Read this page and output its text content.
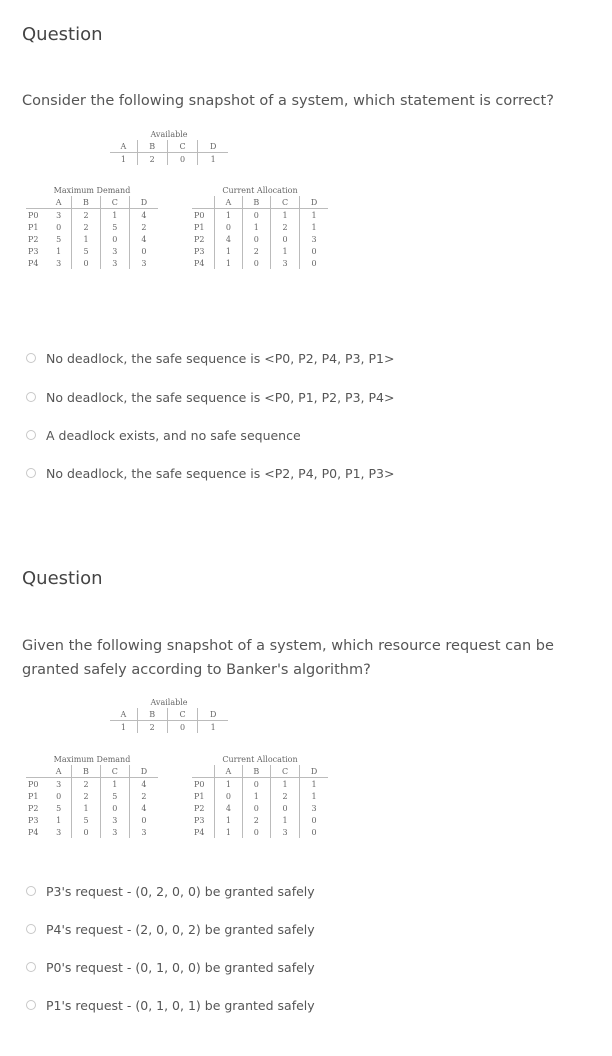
Question
Consider the following snapshot of a system, which statement is correct?
Available			
A	B	C	D
1	2	0	1
Maximum Demand				
	A	B	C	D
P0	3	2	1	4
P1	0	2	5	2
P2	5	1	0	4
P3	1	5	3	0
P4	3	0	3	3
Current Allocation				
	A	B	C	D
P0	1	0	1	1
P1	0	1	2	1
P2	4	0	0	3
P3	1	2	1	0
P4	1	0	3	0
No deadlock, the safe sequence is <P0, P2, P4, P3, P1>
No deadlock, the safe sequence is <P0, P1, P2, P3, P4>
A deadlock exists, and no safe sequence
No deadlock, the safe sequence is <P2, P4, P0, P1, P3>
Question
Given the following snapshot of a system, which resource request can be granted safely according to Banker's algorithm?
Available			
A	B	C	D
1	2	0	1
Maximum Demand				
	A	B	C	D
P0	3	2	1	4
P1	0	2	5	2
P2	5	1	0	4
P3	1	5	3	0
P4	3	0	3	3
Current Allocation				
	A	B	C	D
P0	1	0	1	1
P1	0	1	2	1
P2	4	0	0	3
P3	1	2	1	0
P4	1	0	3	0
P3's request - (0, 2, 0, 0) be granted safely
P4's request - (2, 0, 0, 2) be granted safely
P0's request - (0, 1, 0, 0) be granted safely
P1's request - (0, 1, 0, 1) be granted safely
